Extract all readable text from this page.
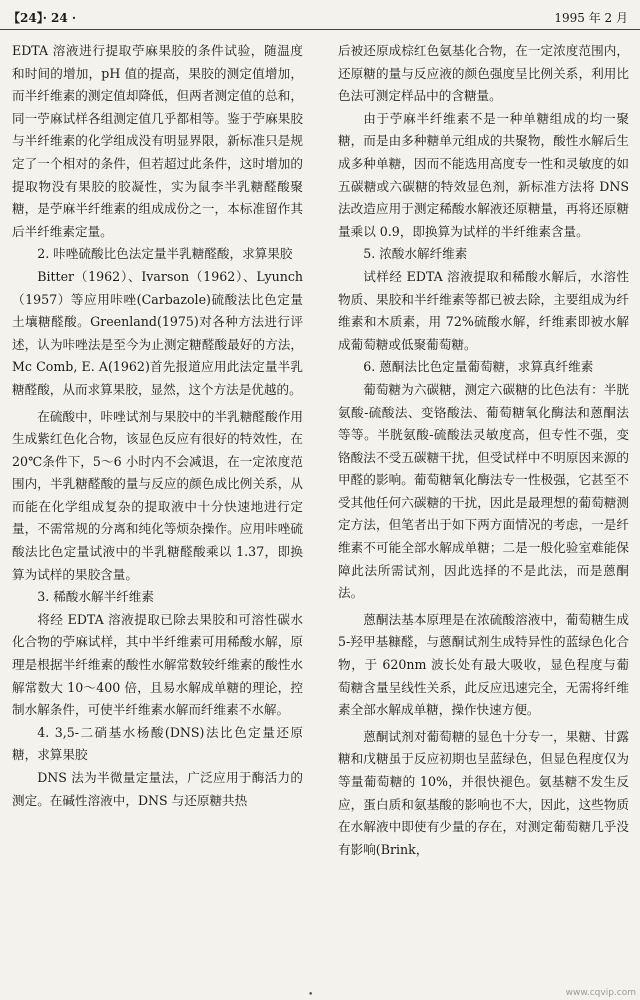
【24】· 24 ·	1995 年 2 月

EDTA 溶液进行提取苧麻果胶的条件试验，随温度和时间的增加，pH 值的提高，果胶的测定值增加，而半纤维素的测定值却降低，但两者测定值的总和，同一苧麻试样各组测定值几乎都相等。鉴于苧麻果胶与半纤维素的化学组成没有明显界限，新标准只是规定了一个相对的条件，但若超过此条件，这时增加的提取物没有果胶的胶凝性，实为鼠李半乳糖醛酸聚糖，是苧麻半纤维素的组成成份之一，本标准留作其后半纤维素定量。

2. 咔唑硫酸比色法定量半乳糖醛酸，求算果胶

Bitter（1962）、Ivarson（1962）、Lyunch（1957）等应用咔唑(Carbazole)硫酸法比色定量土壤糖醛酸。Greenland(1975)对各种方法进行评述，认为咔唑法是至今为止测定糖醛酸最好的方法，Mc Comb, E. A(1962)首先报道应用此法定量半乳糖醛酸，从而求算果胶，显然，这个方法是优越的。

在硫酸中，咔唑试剂与果胶中的半乳糖醛酸作用生成紫红色化合物，该显色反应有很好的特效性，在 20℃条件下，5～6 小时内不会减退，在一定浓度范围内，半乳糖醛酸的量与反应的颜色成比例关系，从而能在化学组成复杂的提取液中十分快速地进行定量，不需常规的分离和纯化等烦杂操作。应用咔唑硫酸法比色定量试液中的半乳糖醛酸乘以 1.37，即换算为试样的果胶含量。

3. 稀酸水解半纤维素

将经 EDTA 溶液提取已除去果胶和可溶性碳水化合物的苧麻试样，其中半纤维素可用稀酸水解，原理是根据半纤维素的酸性水解常数较纤维素的酸性水解常数大 10～400 倍，且易水解成单糖的理论，控制水解条件，可使半纤维素水解而纤维素不水解。

4. 3,5-二硝基水杨酸(DNS)法比色定量还原糖，求算果胶

DNS 法为半微量定量法，广泛应用于酶活力的测定。在碱性溶液中，DNS 与还原糖共热

后被还原成棕红色氨基化合物，在一定浓度范围内，还原糖的量与反应液的颜色强度呈比例关系，利用比色法可测定样品中的含糖量。

由于苧麻半纤维素不是一种单糖组成的均一聚糖，而是由多种糖单元组成的共聚物，酸性水解后生成多种单糖，因而不能选用高度专一性和灵敏度的如五碳糖或六碳糖的特效显色剂，新标准方法将 DNS 法改造应用于测定稀酸水解液还原糖量，再将还原糖量乘以 0.9，即换算为试样的半纤维素含量。

5. 浓酸水解纤维素

试样经 EDTA 溶液提取和稀酸水解后，水溶性物质、果胶和半纤维素等都已被去除，主要组成为纤维素和木质素，用 72%硫酸水解，纤维素即被水解成葡萄糖或低聚葡萄糖。

6. 蒽酮法比色定量葡萄糖，求算真纤维素

葡萄糖为六碳糖，测定六碳糖的比色法有：半胱氨酸-硫酸法、变铬酸法、葡萄糖氧化酶法和蒽酮法等等。半胱氨酸-硫酸法灵敏度高，但专性不强，变铬酸法不受五碳糖干扰，但受试样中不明原因来源的甲醛的影响。葡萄糖氧化酶法专一性极强，它甚至不受其他任何六碳糖的干扰，因此是最理想的葡萄糖测定方法，但笔者出于如下两方面情况的考虑，一是纤维素不可能全部水解成单糖；二是一般化验室难能保障此法所需试剂，因此选择的不是此法，而是蒽酮法。

蒽酮法基本原理是在浓硫酸溶液中，葡萄糖生成 5-羟甲基糠醛，与蒽酮试剂生成特异性的蓝绿色化合物，于 620nm 波长处有最大吸收，显色程度与葡萄糖含量呈线性关系，此反应迅速完全，无需将纤维素全部水解成单糖，操作快速方便。

蒽酮试剂对葡萄糖的显色十分专一，果糖、甘露糖和戊糖虽于反应初期也呈蓝绿色，但显色程度仅为等量葡萄糖的 10%，并很快褪色。氨基糖不发生反应，蛋白质和氨基酸的影响也不大，因此，这些物质在水解液中即使有少量的存在，对测定葡萄糖几乎没有影响(Brink，

•	www.cqvip.com
